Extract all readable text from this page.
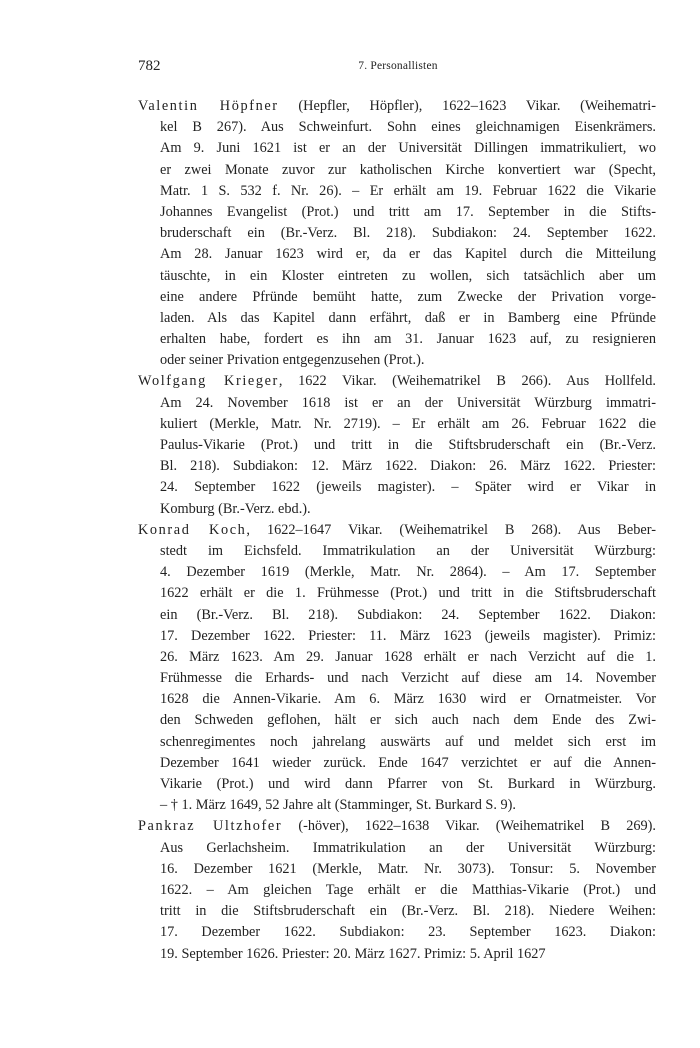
782	7. Personallisten
Valentin Höpfner (Hepfler, Höpfler), 1622–1623 Vikar. (Weihematri-
kel B 267). Aus Schweinfurt. Sohn eines gleichnamigen Eisenkrämers.
Am 9. Juni 1621 ist er an der Universität Dillingen immatrikuliert, wo
er zwei Monate zuvor zur katholischen Kirche konvertiert war (Specht,
Matr. 1 S. 532 f. Nr. 26). – Er erhält am 19. Februar 1622 die Vikarie
Johannes Evangelist (Prot.) und tritt am 17. September in die Stifts-
bruderschaft ein (Br.-Verz. Bl. 218). Subdiakon: 24. September 1622.
Am 28. Januar 1623 wird er, da er das Kapitel durch die Mitteilung
täuschte, in ein Kloster eintreten zu wollen, sich tatsächlich aber um
eine andere Pfründe bemüht hatte, zum Zwecke der Privation vorge-
laden. Als das Kapitel dann erfährt, daß er in Bamberg eine Pfründe
erhalten habe, fordert es ihn am 31. Januar 1623 auf, zu resignieren
oder seiner Privation entgegenzusehen (Prot.).
Wolfgang Krieger, 1622 Vikar. (Weihematrikel B 266). Aus Hollfeld.
Am 24. November 1618 ist er an der Universität Würzburg immatri-
kuliert (Merkle, Matr. Nr. 2719). – Er erhält am 26. Februar 1622 die
Paulus-Vikarie (Prot.) und tritt in die Stiftsbruderschaft ein (Br.-Verz.
Bl. 218). Subdiakon: 12. März 1622. Diakon: 26. März 1622. Priester:
24. September 1622 (jeweils magister). – Später wird er Vikar in
Komburg (Br.-Verz. ebd.).
Konrad Koch, 1622–1647 Vikar. (Weihematrikel B 268). Aus Beber-
stedt im Eichsfeld. Immatrikulation an der Universität Würzburg:
4. Dezember 1619 (Merkle, Matr. Nr. 2864). – Am 17. September
1622 erhält er die 1. Frühmesse (Prot.) und tritt in die Stiftsbruderschaft
ein (Br.-Verz. Bl. 218). Subdiakon: 24. September 1622. Diakon:
17. Dezember 1622. Priester: 11. März 1623 (jeweils magister). Primiz:
26. März 1623. Am 29. Januar 1628 erhält er nach Verzicht auf die 1.
Frühmesse die Erhards- und nach Verzicht auf diese am 14. November
1628 die Annen-Vikarie. Am 6. März 1630 wird er Ornatmeister. Vor
den Schweden geflohen, hält er sich auch nach dem Ende des Zwi-
schenregimentes noch jahrelang auswärts auf und meldet sich erst im
Dezember 1641 wieder zurück. Ende 1647 verzichtet er auf die Annen-
Vikarie (Prot.) und wird dann Pfarrer von St. Burkard in Würzburg.
– † 1. März 1649, 52 Jahre alt (Stamminger, St. Burkard S. 9).
Pankraz Ultzhofer (-höver), 1622–1638 Vikar. (Weihematrikel B 269).
Aus Gerlachsheim. Immatrikulation an der Universität Würzburg:
16. Dezember 1621 (Merkle, Matr. Nr. 3073). Tonsur: 5. November
1622. – Am gleichen Tage erhält er die Matthias-Vikarie (Prot.) und
tritt in die Stiftsbruderschaft ein (Br.-Verz. Bl. 218). Niedere Weihen:
17. Dezember 1622. Subdiakon: 23. September 1623. Diakon:
19. September 1626. Priester: 20. März 1627. Primiz: 5. April 1627
